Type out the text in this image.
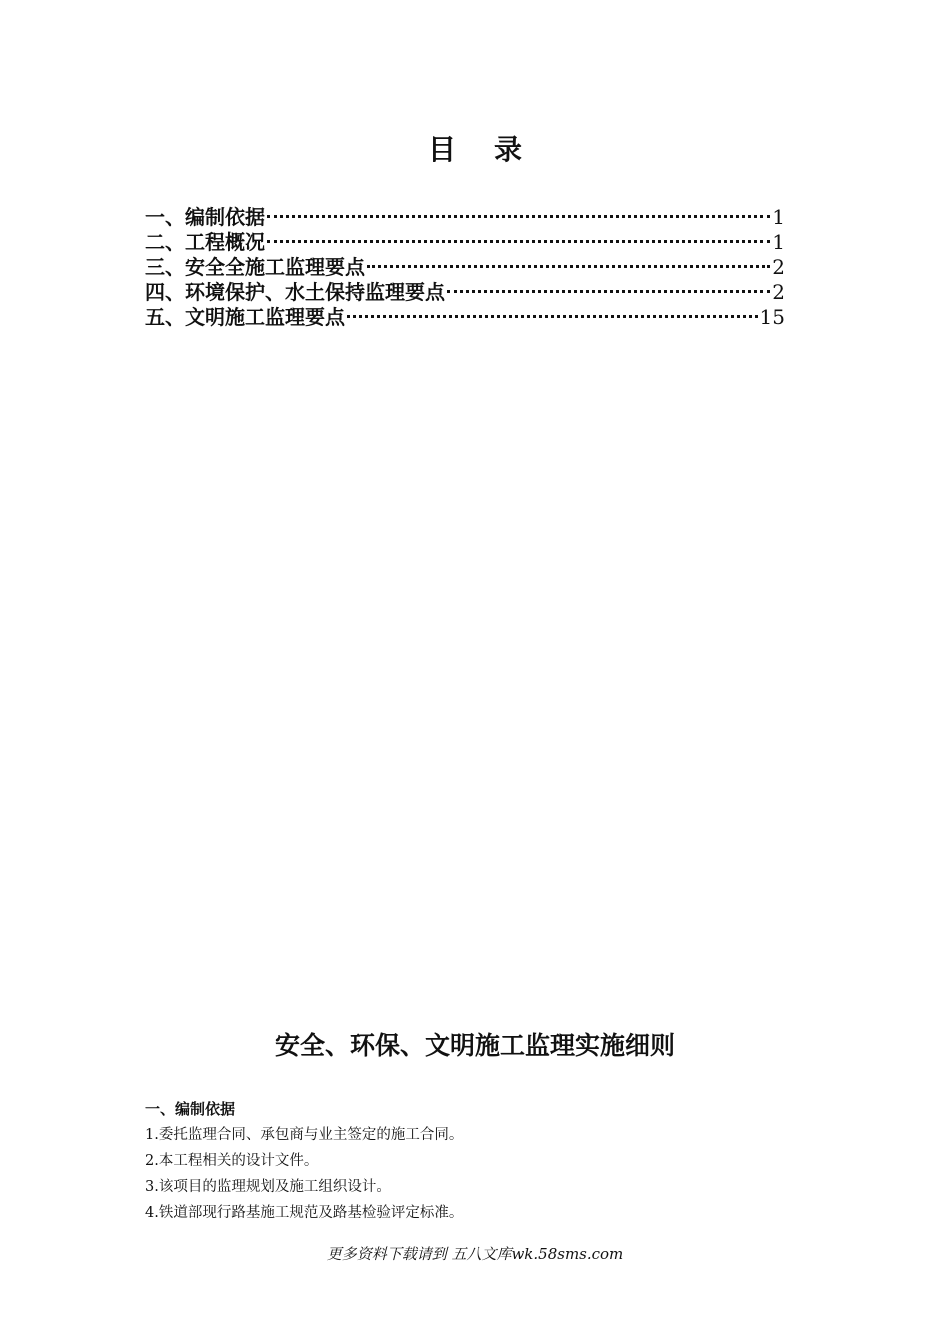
目录
一、编制依据	1
二、工程概况	1
三、安全全施工监理要点	2
四、环境保护、水土保持监理要点	2
五、文明施工监理要点	15
安全、环保、文明施工监理实施细则
一、编制依据
1.委托监理合同、承包商与业主签定的施工合同。
2.本工程相关的设计文件。
3.该项目的监理规划及施工组织设计。
4.铁道部现行路基施工规范及路基检验评定标准。
更多资料下载请到 五八文库wk.58sms.com
